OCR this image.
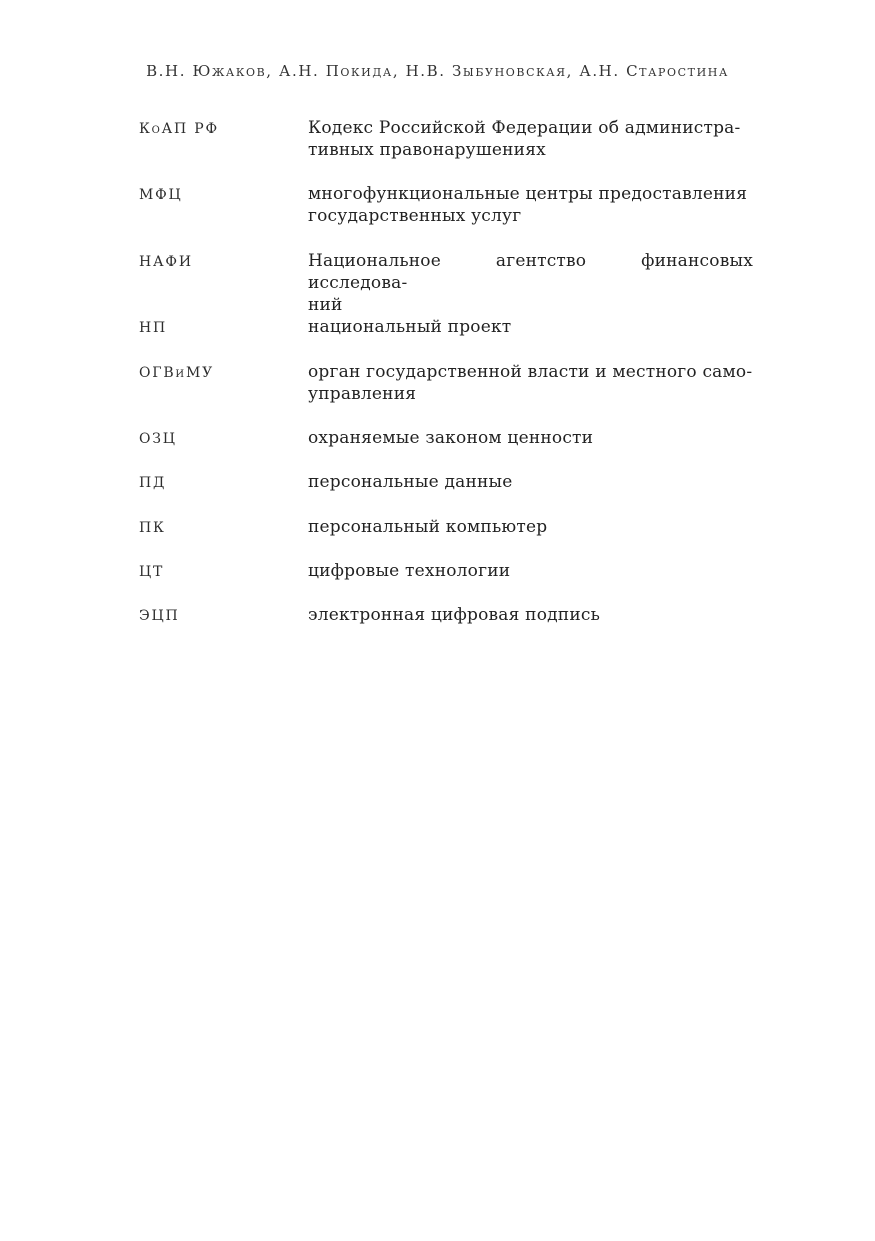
В.Н. Южаков, А.Н. Покида, Н.В. Зыбуновская, А.Н. Старостина
КоАП РФ	Кодекс Российской Федерации об администра-
тивных правонарушениях
МФЦ	многофункциональные центры предоставления
государственных услуг
НАФИ	Национальное агентство финансовых исследова-
ний
НП	национальный проект
ОГВиМУ	орган государственной власти и местного само-
управления
ОЗЦ	охраняемые законом ценности
ПД	персональные данные
ПК	персональный компьютер
ЦТ	цифровые технологии
ЭЦП	электронная цифровая подпись
